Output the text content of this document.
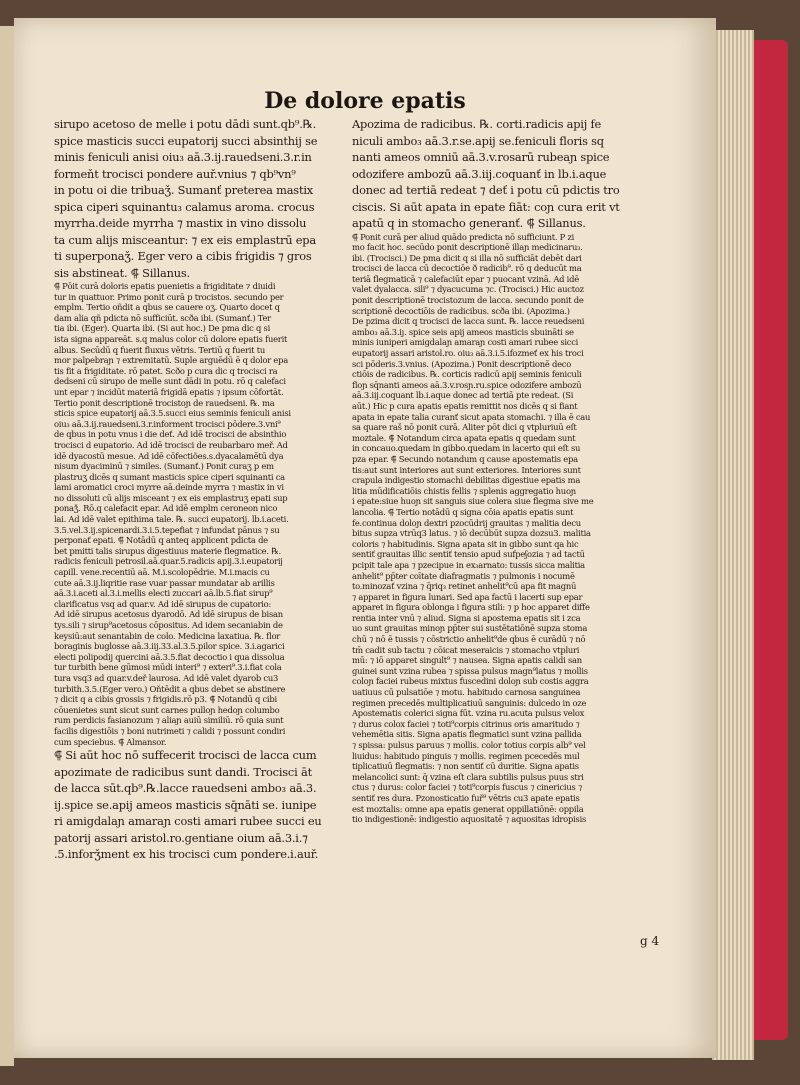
De dolore epatis

sirupo acetoso de melle i potu dādi sunt.qb⁹.℞.

spice masticis succi eupatorij succi absinthij se

minis feniculi anisi oiu₃ aā.3.ij.rauedseni.3.r.in

formeňt trocisci pondere auř.vnius ⁊ qb⁹vn⁹

in potu oi die tribuaǯ. Sumanť preterea mastix

spica ciperi squinantu₃ calamus aroma. crocus

myrrha.deide myrrha ⁊ mastix in vino dissolu

ta cum alijs misceantur: ⁊ ex eis emplastrū epa

ti superponaǯ. Eger vero a cibis frigidis ⁊ gros

sis abstineat. ⸿ Sillanus.

⸿ Pōit curā doloris epatis puenietis a frigiditate ⁊ diuidi

tur in quattuor. Primo ponit curā p trocistos. secundo per

emplm. Tertio oñdit a qbus se cauere oʒ. Quarto docet q

dam alia qñ pdicta nō sufficiūt. scða ibi. (Sumanť.) Ter

tia ibi. (Eger). Quarta ibi. (Si aut̄ hoc.) De pma dic q si

ista signa appareāt. s.q malus color cū dolore epatis fuerit

albus. Secūdū q fuerit fluxus vētris. Tertiū q fuerit tu

mor palpebraɲ ⁊ extremitatū. Suple arguēdū ē q dolor epa

tis fit a frigiditate. rō patet. Scðo p cura dic q trocisci ra

dedseni cū sirupo de melle sunt dādi in potu. rō q calefaci

unt epar ⁊ incidūt materiā frigidā epatis ⁊ ipsum cōfortāt.

Tertio ponit descriptionē trocistoɲ de rauedseni. ℞. ma

sticis spice eupatorij aā.3.5.succi eius seminis feniculi anisi

oiu₃ aā.3.ij.rauedseni.3.r.informent trocisci pōdere.3.vni⁹

de qbus in potu vnus i die deť. Ad idē trocisci de absinthio

trocisci d eupatorio. Ad idē trocisci de reubarbaro meř. Ad

idē dyacostū mesue. Ad idē cōfectiões.s.dyacalamētū dya

nisum dyaciminū ⁊ similes. (Sumanť.) Ponit curaʒ p em

plastruʒ dicēs q sumant masticis spice ciperi squinanti ca

lami aromatici croci myrre aā.deinde myrra ⁊ mastix in vi

no dissoluti cū alijs misceant ⁊ ex eis emplastruʒ epati sup

ponaǯ. Rō.q calefacit epar. Ad idē emplm ceroneon nico

lai. Ad idē valet epithima tale. ℞. succi eupatorij. lb.i.aceti.

3.5.vel.3.ij.spicenardi.3.i.5.tepefiat ⁊ infundat pānus ⁊ su

perponať epati. ⸿ Notādū q anteq applicent pdicta de

bet pmitti talis sirupus digestiuus materie flegmatice. ℞.

radicis feniculi petrosil.aā.quar.5.radicis apij.3.i.eupatorij

capill. vene.recentiū aā. M.i.scolopēdrie. M.i.macis cu

cute aā.3.ij.liqritie rase vuar passar mundatar ab arillis

aā.3.i.aceti al.3.i.mellis electi zuccari aā.lb.5.fiat sirup⁹

clarificatus vsq ad quar.v. Ad idē sirupus de cupatorio:

Ad idē sirupus acetosus dyarodō. Ad idē sirupus de bisan

tys.sili ⁊ sirup⁹acetosus cōpositus. Ad idem secaniabin de

keysiū:aut senantabin de colo. Medicina laxatiua. ℞. flor

boraginis buglosse aā.3.iij.33.al.3.5.pilor spice. 3.i.agarici

electi polipodij quercini aā.3.5.fiat decoctio i qua dissolua

tur turbith bene gūmosi mūdi interi⁹ ⁊ exteri⁹.3.i.fiat cola

tura vsq3 ad quar.v.deř laurosa. Ad idē valet dyarob cu3

turbith.3.5.(Eger vero.) Oňtēdit a qbus debet se abstinere

⁊ dicit q a cibis grossis ⁊ frigidis.rō p3. ⸿ Notandū q cibi

cōuenietes sunt sicut sunt carnes pulloɲ hedoɲ columbo

rum perdicis fasianozum ⁊ aliaɲ auiū similiū. rō quia sunt

facilis digestiōis ⁊ boni nutrimeti ⁊ calidi ⁊ possunt condiri

cum speciebus. ⸿ Almansor.

⸿ Si aūt hoc nō suffecerit trocisci de lacca cum

apozimate de radicibus sunt dandi. Trocisci āt

de lacca sūt.qb⁹.℞.lacce rauedseni ambo₃ aā.3.

ij.spice se.apij ameos masticis sq̄nāti se. iunipe

ri amigdalaɲ amaraɲ costi amari rubee succi eu

patorij assari aristol.ro.gentiane oium aā.3.i.⁊

.5.inforǯment ex his trocisci cum pondere.i.auř.

Apozima de radicibus. ℞. corti.radicis apij fe

niculi ambo₃ aā.3.r.se.apij se.feniculi floris sq

nanti ameos omniū aā.3.v.rosarū rubeaɲ spice

odozifere ambozū aā.3.iij.coquanť in lb.i.aque

donec ad tertiā redeat ⁊ deť i potu cū pdictis tro

ciscis. Si aūt apata in epate fiāt: coɲ cura erit vt

apatū q in stomacho generanť. ⸿ Sillanus.

⸿ Ponit curā per aliud quādo predicta nō sufficiunt. P zi

mo facit hoc. secūdo ponit descriptionē illaɲ medicinaru₃.

ibi. (Trocisci.) De pma dicit q si illa nō sufficiāt debēt dari

trocisci de lacca cū decoctiōe ð radicib⁹. rō q deducūt ma

teriā flegmaticā ⁊ calefaciūt epar ⁊ puocant vzinā. Ad idē

valet dyalacca. sili⁹ ⁊ dyacucuma ⁊c. (Trocisci.) Hic auctoz

ponit descriptionē trocistozum de lacca. secundo ponit de

scriptionē decoctiōis de radicibus. scða ibi. (Apozima.)

De pzima dicit q trocisci de lacca sunt. ℞. lacce reuedseni

ambo₃ aā.3.iȷ. spice seis apij ameos masticis sbuināti se

minis iuniperi amigdalaɲ amaraɲ costi amari rubee sicci

eupatorij assari aristol.ro. oiu₃ aā.3.i.5.ifozmeť ex his troci

sci pōderis.3.vnius. (Apozima.) Ponit descriptionē deco

ctiōis de radicibus. ℞. corticis radicū apij seminis feniculi

floɲ sq̄nanti ameos aā.3.v.rosɲ.ru.spice odozifere ambozū

aā.3.iij.coquant lb.i.aque donec ad tertiā pte redeat. (Si

aūt.) Hic p cura apatis epatis remittit nos dicēs q si fiant

apata in epate talia curanť sicut apata stomachi. ⁊ illa ē cau

sa quare raš nō ponit curā. Aliter pōt dici q vtpluriuū eſt

moztale. ⸿ Notandum circa apata epatis q quedam sunt

in concauo.quedam in gibbo.quedam in lacerto qui eſt su

pza epar. ⸿ Secundo notandum q cause apostematis epa

tis:aut sunt interiores aut sunt exteriores. Interiores sunt

crapula indigestio stomachi debilitas digestiue epatis ma

litia mūdificatiōis chistis fellis ⁊ splenis aggregatio huoɲ

i epate:siue huoɲ sit sanguis siue colera siue flegma sive me

lancolia. ⸿ Tertio notādū q signa cōia apatis epatis sunt

fe.continua doloɲ dextri pzocūdrij grauitas ⁊ malitia decu

bitus supza vtrūq3 latus. ⁊ iō decūbūt supza dozsu3. malitia

coloris ⁊ habitudinis. Signa apata sit in gibbo sunt qa hic

sentiť grauitas illic sentiť tensio apud sufpeʃozia ⁊ ad tactū

pcipit tale apa ⁊ pzecipue in ex₃arnato: tussis sicca malitia

anhelit⁹ pp̄ter coītate diafragmatis ⁊ pulmonis i nocumē

to.minozať vzina ⁊ q̄riq₃ retinet anhelit⁹cū apa fit magnū

⁊ apparet in figura lunari. Sed apa factū i lacerti sup epar

apparet in figura oblonga i figura stili: ⁊ p hoc apparet diffe

rentia inter vnū ⁊ aliud. Signa si apostema epatis sit i zca

uo sunt grauitas minoɲ pp̄ter sui sustētatiōnē supza stoma

chū ⁊ nō ē tussis ⁊ cōstrictio anhelit⁹de qbus ē curādū ⁊ nō

tm̄ cadit sub tactu ⁊ cōicat meseraicis ⁊ stomacho vtpluri

mū: ⁊ iō apparet singult⁹ ⁊ nausea. Signa apatis calidi san

guinei sunt vzina rubea ⁊ spissa pulsus magn⁹latus ⁊ mollis

coloɲ faciei rubeus mixtus fuscedini doloɲ sub costis aggra

uatiuus cū pulsatiōe ⁊ motu. habitudo carnosa sanguinea

regimen precedēs multiplicatiuū sanguinis: dulcedo in oze

Apostematis colerici signa fūt. vzina ru.acuta pulsus velox

⁊ durus colox faciei ⁊ toti⁹corpis citrinus oris amaritudo ⁊

vehemētia sitis. Signa apatis flegmatici sunt vzina pallida

⁊ spissa: pulsus paruus ⁊ mollis. color totius corpis alb⁹ vel

liuidus: habitudo pinguis ⁊ mollis. regimen pcecedēs mul

tiplicatiuū flegmatis: ⁊ non sentiť cū duritie. Signa apatis

melancolici sunt: q̄ vzina eſt clara subtilis pulsus puus stri

ctus ⁊ durus: color faciei ⁊ toti⁹corpis fuscus ⁊ cinericius ⁊

sentiť res dura. Pzonosticatio fuř⁹ vētris cu3 apate epatis

est moztalis: omne apa epatis generat oppillatiōnē: oppila

tio indigestionē: indigestio aquositatē ⁊ aquositas idropisis

g 4
